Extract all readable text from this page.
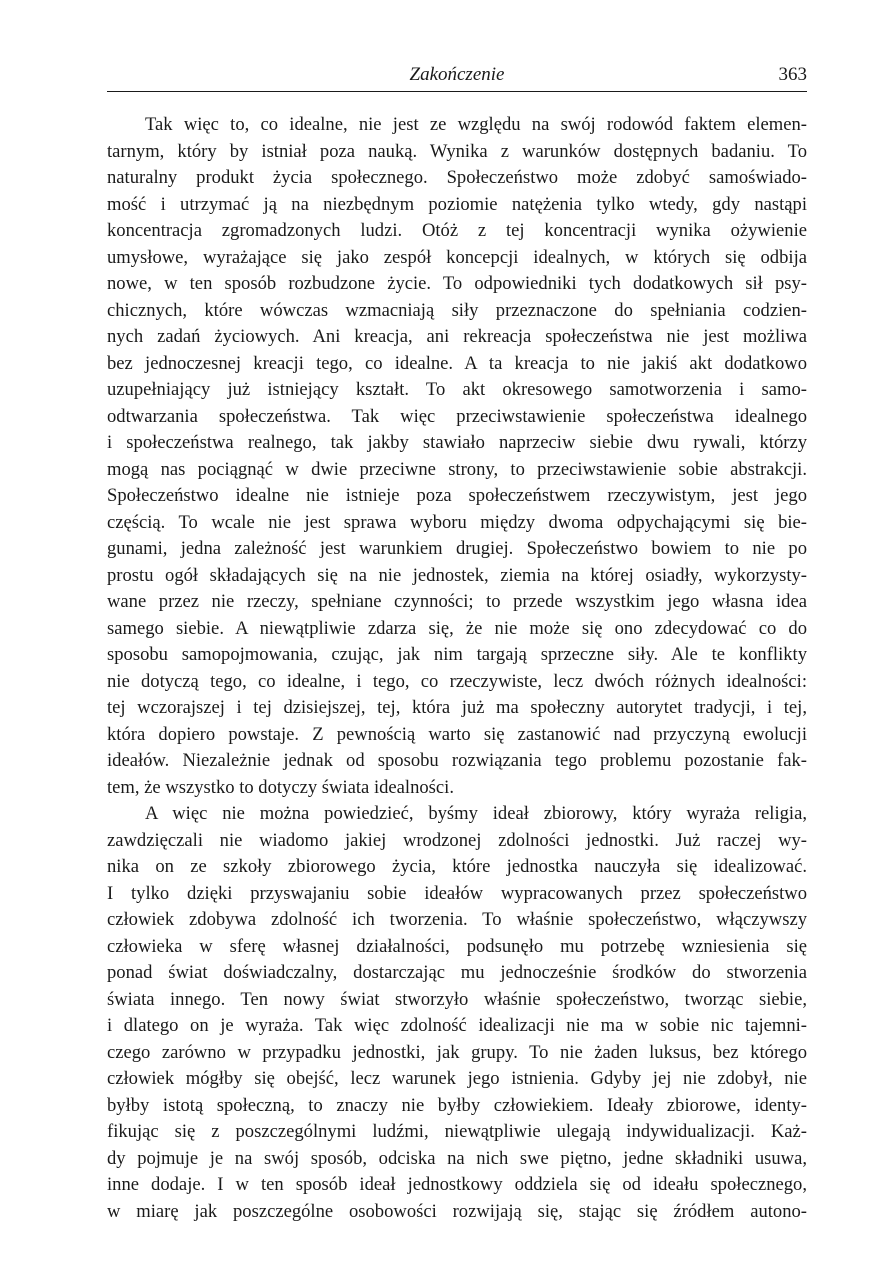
Zakończenie	363
Tak więc to, co idealne, nie jest ze względu na swój rodowód faktem elemen-
tarnym, który by istniał poza nauką. Wynika z warunków dostępnych badaniu. To
naturalny produkt życia społecznego. Społeczeństwo może zdobyć samoświado-
mość i utrzymać ją na niezbędnym poziomie natężenia tylko wtedy, gdy nastąpi
koncentracja zgromadzonych ludzi. Otóż z tej koncentracji wynika ożywienie
umysłowe, wyrażające się jako zespół koncepcji idealnych, w których się odbija
nowe, w ten sposób rozbudzone życie. To odpowiedniki tych dodatkowych sił psy-
chicznych, które wówczas wzmacniają siły przeznaczone do spełniania codzien-
nych zadań życiowych. Ani kreacja, ani rekreacja społeczeństwa nie jest możliwa
bez jednoczesnej kreacji tego, co idealne. A ta kreacja to nie jakiś akt dodatkowo
uzupełniający już istniejący kształt. To akt okresowego samotworzenia i samo-
odtwarzania społeczeństwa. Tak więc przeciwstawienie społeczeństwa idealnego
i społeczeństwa realnego, tak jakby stawiało naprzeciw siebie dwu rywali, którzy
mogą nas pociągnąć w dwie przeciwne strony, to przeciwstawienie sobie abstrakcji.
Społeczeństwo idealne nie istnieje poza społeczeństwem rzeczywistym, jest jego
częścią. To wcale nie jest sprawa wyboru między dwoma odpychającymi się bie-
gunami, jedna zależność jest warunkiem drugiej. Społeczeństwo bowiem to nie po
prostu ogół składających się na nie jednostek, ziemia na której osiadły, wykorzysty-
wane przez nie rzeczy, spełniane czynności; to przede wszystkim jego własna idea
samego siebie. A niewątpliwie zdarza się, że nie może się ono zdecydować co do
sposobu samopojmowania, czując, jak nim targają sprzeczne siły. Ale te konflikty
nie dotyczą tego, co idealne, i tego, co rzeczywiste, lecz dwóch różnych idealności:
tej wczorajszej i tej dzisiejszej, tej, która już ma społeczny autorytet tradycji, i tej,
która dopiero powstaje. Z pewnością warto się zastanowić nad przyczyną ewolucji
ideałów. Niezależnie jednak od sposobu rozwiązania tego problemu pozostanie fak-
tem, że wszystko to dotyczy świata idealności.
A więc nie można powiedzieć, byśmy ideał zbiorowy, który wyraża religia,
zawdzięczali nie wiadomo jakiej wrodzonej zdolności jednostki. Już raczej wy-
nika on ze szkoły zbiorowego życia, które jednostka nauczyła się idealizować.
I tylko dzięki przyswajaniu sobie ideałów wypracowanych przez społeczeństwo
człowiek zdobywa zdolność ich tworzenia. To właśnie społeczeństwo, włączywszy
człowieka w sferę własnej działalności, podsunęło mu potrzebę wzniesienia się
ponad świat doświadczalny, dostarczając mu jednocześnie środków do stworzenia
świata innego. Ten nowy świat stworzyło właśnie społeczeństwo, tworząc siebie,
i dlatego on je wyraża. Tak więc zdolność idealizacji nie ma w sobie nic tajemni-
czego zarówno w przypadku jednostki, jak grupy. To nie żaden luksus, bez którego
człowiek mógłby się obejść, lecz warunek jego istnienia. Gdyby jej nie zdobył, nie
byłby istotą społeczną, to znaczy nie byłby człowiekiem. Ideały zbiorowe, identy-
fikując się z poszczególnymi ludźmi, niewątpliwie ulegają indywidualizacji. Każ-
dy pojmuje je na swój sposób, odciska na nich swe piętno, jedne składniki usuwa,
inne dodaje. I w ten sposób ideał jednostkowy oddziela się od ideału społecznego,
w miarę jak poszczególne osobowości rozwijają się, stając się źródłem autono-
